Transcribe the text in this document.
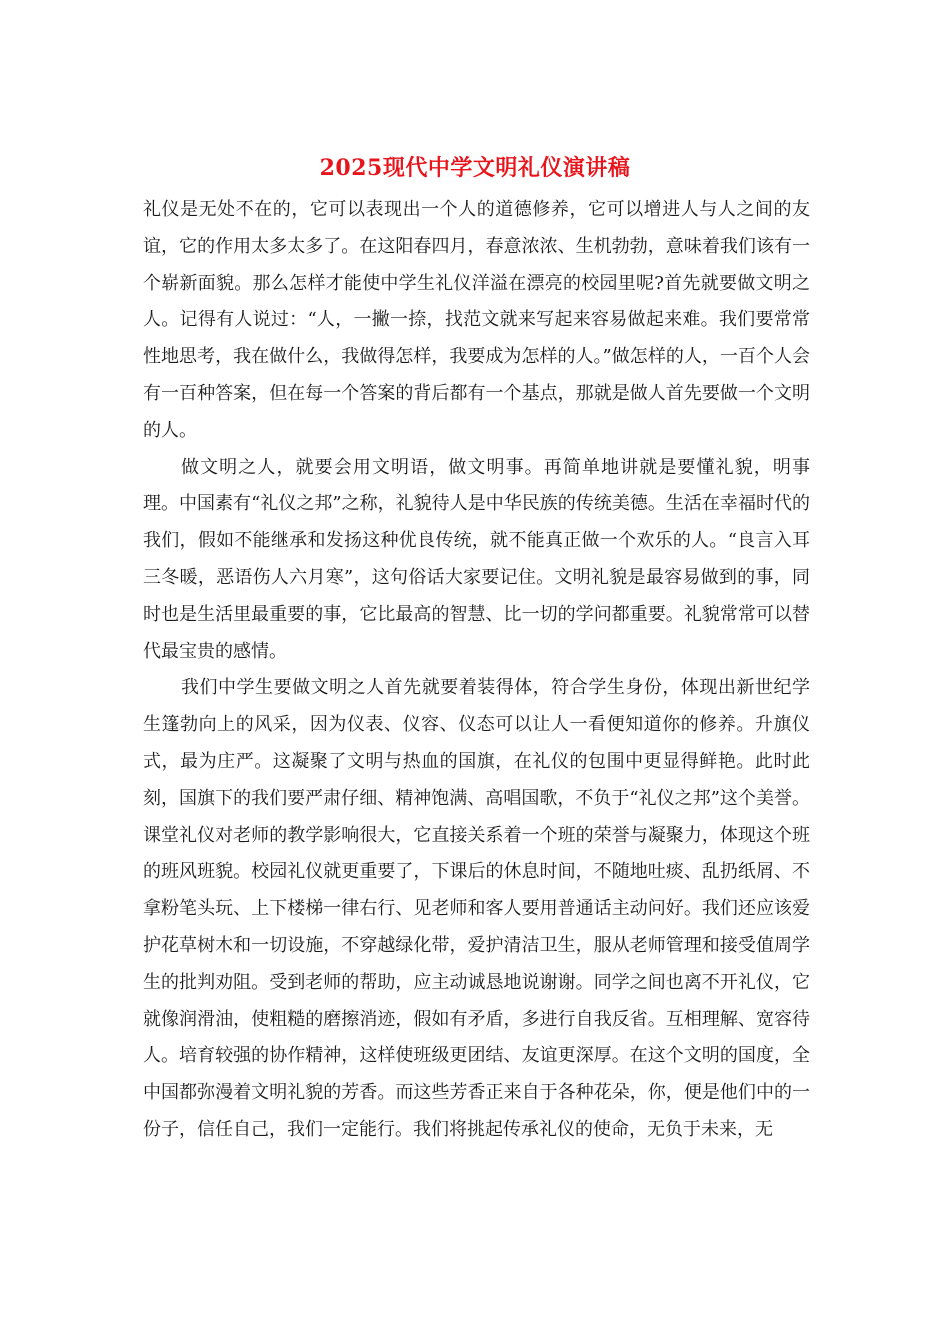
2025现代中学文明礼仪演讲稿

礼仪是无处不在的，它可以表现出一个人的道德修养，它可以增进人与人之间的友谊，它的作用太多太多了。在这阳春四月，春意浓浓、生机勃勃，意味着我们该有一个崭新面貌。那么怎样才能使中学生礼仪洋溢在漂亮的校园里呢?首先就要做文明之人。记得有人说过：“人，一撇一捺，找范文就来写起来容易做起来难。我们要常常性地思考，我在做什么，我做得怎样，我要成为怎样的人。”做怎样的人，一百个人会有一百种答案，但在每一个答案的背后都有一个基点，那就是做人首先要做一个文明的人。

做文明之人，就要会用文明语，做文明事。再简单地讲就是要懂礼貌，明事理。中国素有“礼仪之邦”之称，礼貌待人是中华民族的传统美德。生活在幸福时代的我们，假如不能继承和发扬这种优良传统，就不能真正做一个欢乐的人。“良言入耳三冬暖，恶语伤人六月寒”，这句俗话大家要记住。文明礼貌是最容易做到的事，同时也是生活里最重要的事，它比最高的智慧、比一切的学问都重要。礼貌常常可以替代最宝贵的感情。

我们中学生要做文明之人首先就要着装得体，符合学生身份，体现出新世纪学生篷勃向上的风采，因为仪表、仪容、仪态可以让人一看便知道你的修养。升旗仪式，最为庄严。这凝聚了文明与热血的国旗，在礼仪的包围中更显得鲜艳。此时此刻，国旗下的我们要严肃仔细、精神饱满、高唱国歌，不负于“礼仪之邦”这个美誉。课堂礼仪对老师的教学影响很大，它直接关系着一个班的荣誉与凝聚力，体现这个班的班风班貌。校园礼仪就更重要了，下课后的休息时间，不随地吐痰、乱扔纸屑、不拿粉笔头玩、上下楼梯一律右行、见老师和客人要用普通话主动问好。我们还应该爱护花草树木和一切设施，不穿越绿化带，爱护清洁卫生，服从老师管理和接受值周学生的批判劝阻。受到老师的帮助，应主动诚恳地说谢谢。同学之间也离不开礼仪，它就像润滑油，使粗糙的磨擦消迹，假如有矛盾，多进行自我反省。互相理解、宽容待人。培育较强的协作精神，这样使班级更团结、友谊更深厚。在这个文明的国度，全中国都弥漫着文明礼貌的芳香。而这些芳香正来自于各种花朵，你，便是他们中的一份子，信任自己，我们一定能行。我们将挑起传承礼仪的使命，无负于未来，无
